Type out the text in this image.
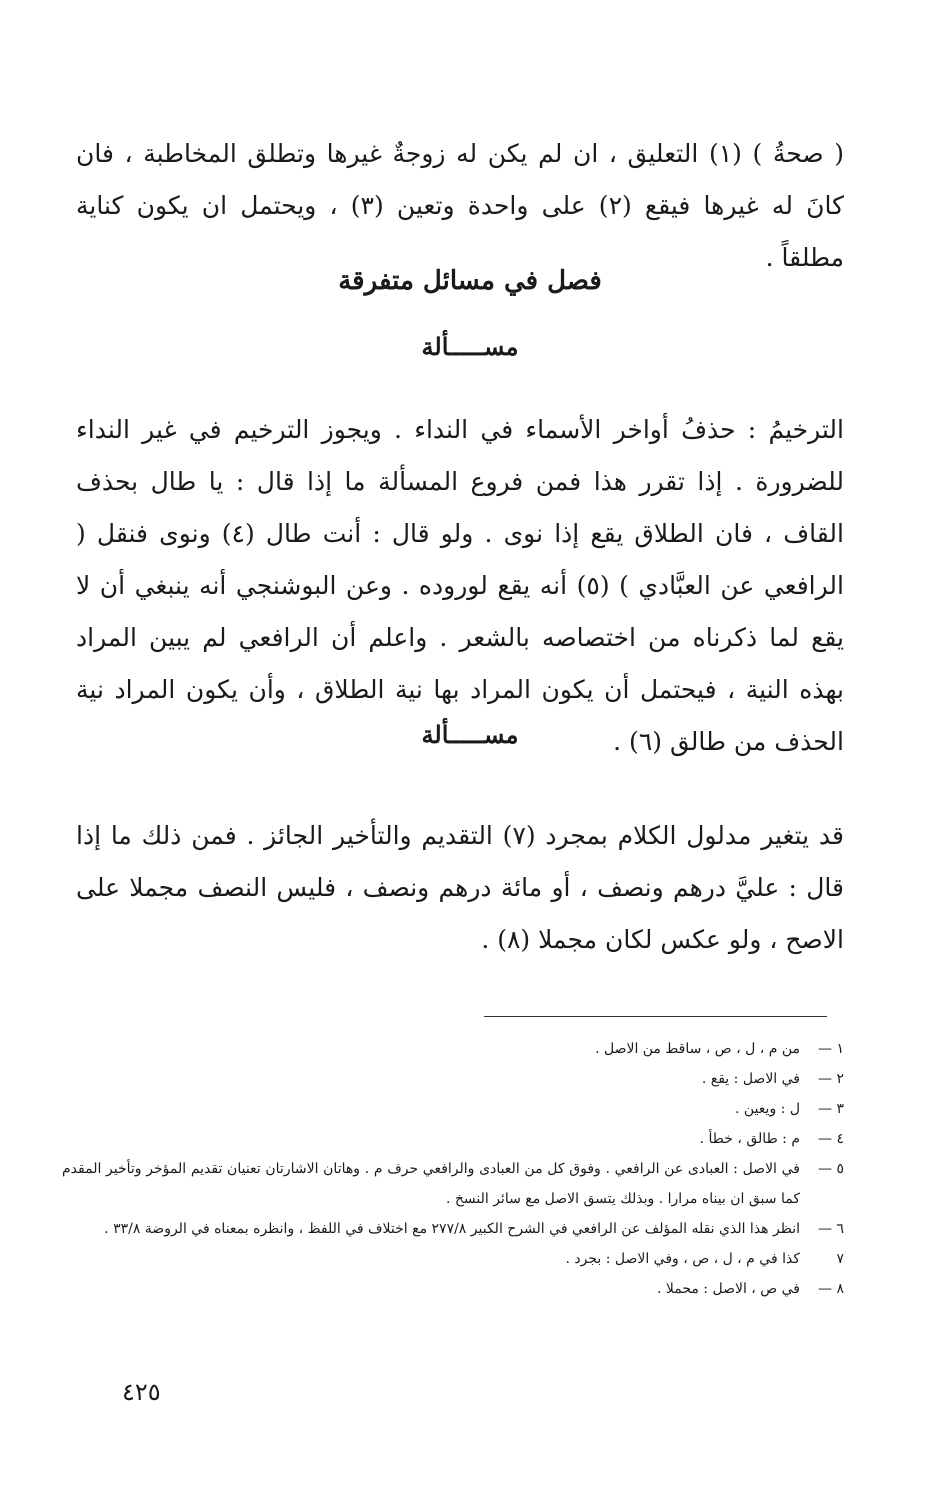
( صحةُ ) (١) التعليق ، ان لم يكن له زوجةٌ غيرها وتطلق المخاطبة ، فان كانَ له غيرها فيقع (٢) على واحدة وتعين (٣) ، ويحتمل ان يكون كناية مطلقاً .
فصل في مسائل متفرقة
مســـــألة
الترخيمُ : حذفُ أواخر الأسماء في النداء . ويجوز الترخيم في غير النداء للضرورة . إذا تقرر هذا فمن فروع المسألة ما إذا قال : يا طال بحذف القاف ، فان الطلاق يقع إذا نوى . ولو قال : أنت طال (٤) ونوى فنقل ( الرافعي عن العبَّادي ) (٥) أنه يقع لوروده . وعن البوشنجي أنه ينبغي أن لا يقع لما ذكرناه من اختصاصه بالشعر . واعلم أن الرافعي لم يبين المراد بهذه النية ، فيحتمل أن يكون المراد بها نية الطلاق ، وأن يكون المراد نية الحذف من طالق (٦) .
مســـــألة
قد يتغير مدلول الكلام بمجرد (٧) التقديم والتأخير الجائز . فمن ذلك ما إذا قال : عليَّ درهم ونصف ، أو مائة درهم ونصف ، فليس النصف مجملا على الاصح ، ولو عكس لكان مجملا (٨) .
١ —
من م ، ل ، ص ، ساقط من الاصل .
٢ —
في الاصل : يقع .
٣ —
ل : ويعين .
٤ —
م : طالق ، خطأ .
٥ —
في الاصل : العبادى عن الرافعي . وفوق كل من العبادى والرافعي حرف م . وهاتان الاشارتان تعنيان تقديم المؤخر وتأخير المقدم كما سبق ان بيناه مرارا . وبذلك يتسق الاصل مع سائر النسخ .
٦ —
انظر هذا الذي نقله المؤلف عن الرافعي في الشرح الكبير ٢٧٧/٨ مع اختلاف في اللفظ ، وانظره بمعناه في الروضة ٣٣/٨ .
٧
كذا في م ، ل ، ص ، وفي الاصل : بجرد .
٨ —
في ص ، الاصل : محملا .
٤٢٥
